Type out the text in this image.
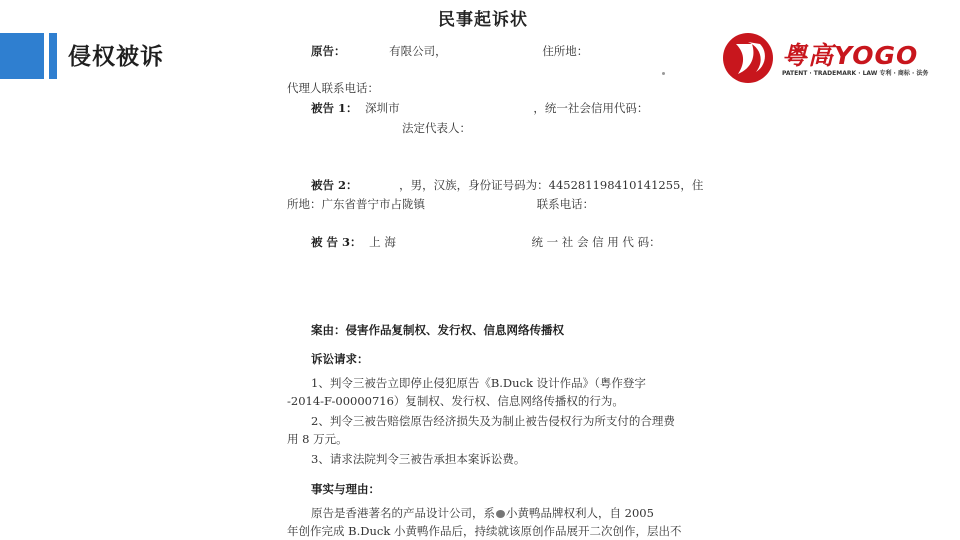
侵权被诉
民事起诉状
原告：	有限公司，	住所地：
代理人联系电话：
被告 1： 深圳市	，统一社会信用代码：
法定代表人：
被告 2：	，男，汉族，身份证号码为：445281198410141255，住
所地：广东省普宁市占陇镇	联系电话：
被 告 3： 上 海	统 一 社 会 信 用 代 码：
案由：侵害作品复制权、发行权、信息网络传播权
诉讼请求：
1、判令三被告立即停止侵犯原告《B.Duck 设计作品》（粤作登字
-2014-F-00000716）复制权、发行权、信息网络传播权的行为。
2、判令三被告赔偿原告经济损失及为制止被告侵权行为所支付的合理费
用 8 万元。
3、请求法院判令三被告承担本案诉讼费。
事实与理由：
原告是香港著名的产品设计公司，系 小黄鸭品牌权利人，自 2005
年创作完成 B.Duck 小黄鸭作品后，持续就该原创作品展开二次创作，层出不
粤高YOGO
PATENT · TRADEMARK · LAW 专利 · 商标 · 法务
